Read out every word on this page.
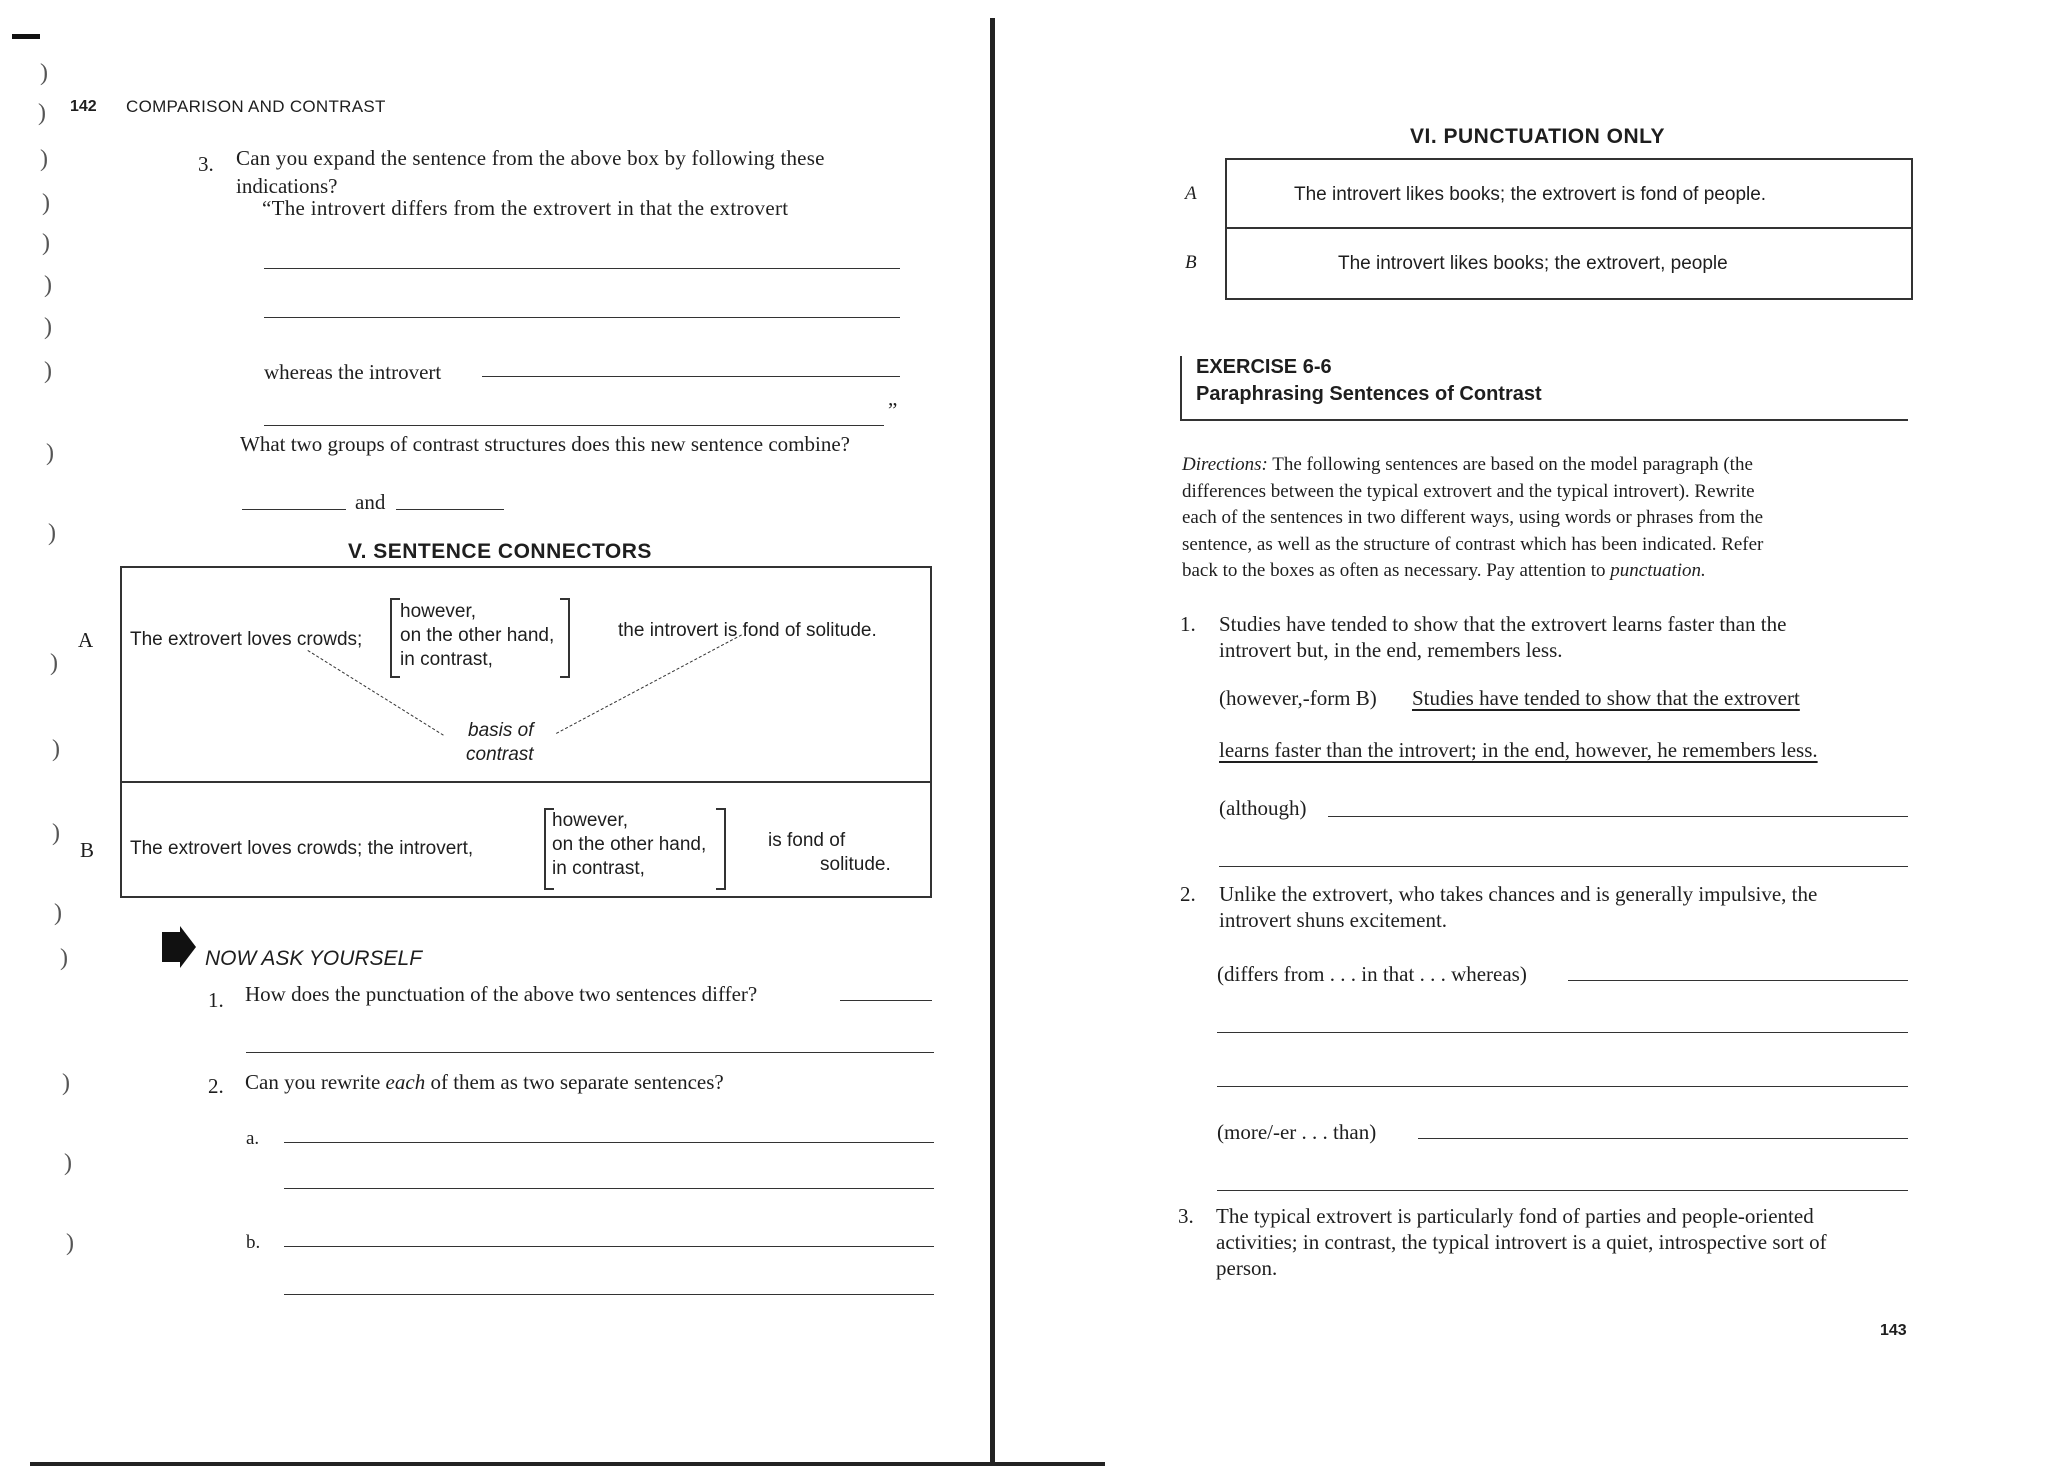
)
)
)
)
)
)
)
)
)
)
)
)
)
)
)
)
)
)
142 COMPARISON AND CONTRAST
3. Can you expand the sentence from the above box by following these
indications?
“The introvert differs from the extrovert in that the extrovert
whereas the introvert
”
What two groups of contrast structures does this new sentence combine?
and
V. SENTENCE CONNECTORS
A The extrovert loves crowds;
however,
on the other hand,
in contrast,
the introvert is fond of solitude.
basis of
contrast
B The extrovert loves crowds; the introvert,
however,
on the other hand,
in contrast,
is fond of
solitude.
NOW ASK YOURSELF
1. How does the punctuation of the above two sentences differ?
2. Can you rewrite each of them as two separate sentences?
a.
b.
VI. PUNCTUATION ONLY
A	The introvert likes books; the extrovert is fond of people.
B	The introvert likes books; the extrovert, people
EXERCISE 6-6
Paraphrasing Sentences of Contrast
Directions: The following sentences are based on the model paragraph (the
differences between the typical extrovert and the typical introvert). Rewrite
each of the sentences in two different ways, using words or phrases from the
sentence, as well as the structure of contrast which has been indicated. Refer
back to the boxes as often as necessary. Pay attention to punctuation.
1. Studies have tended to show that the extrovert learns faster than the
introvert but, in the end, remembers less.
(however,-form B) Studies have tended to show that the extrovert
learns faster than the introvert; in the end, however, he remembers less.
(although)
2. Unlike the extrovert, who takes chances and is generally impulsive, the
introvert shuns excitement.
(differs from . . . in that . . . whereas)
(more/-er . . . than)
3. The typical extrovert is particularly fond of parties and people-oriented
activities; in contrast, the typical introvert is a quiet, introspective sort of
person.
143
